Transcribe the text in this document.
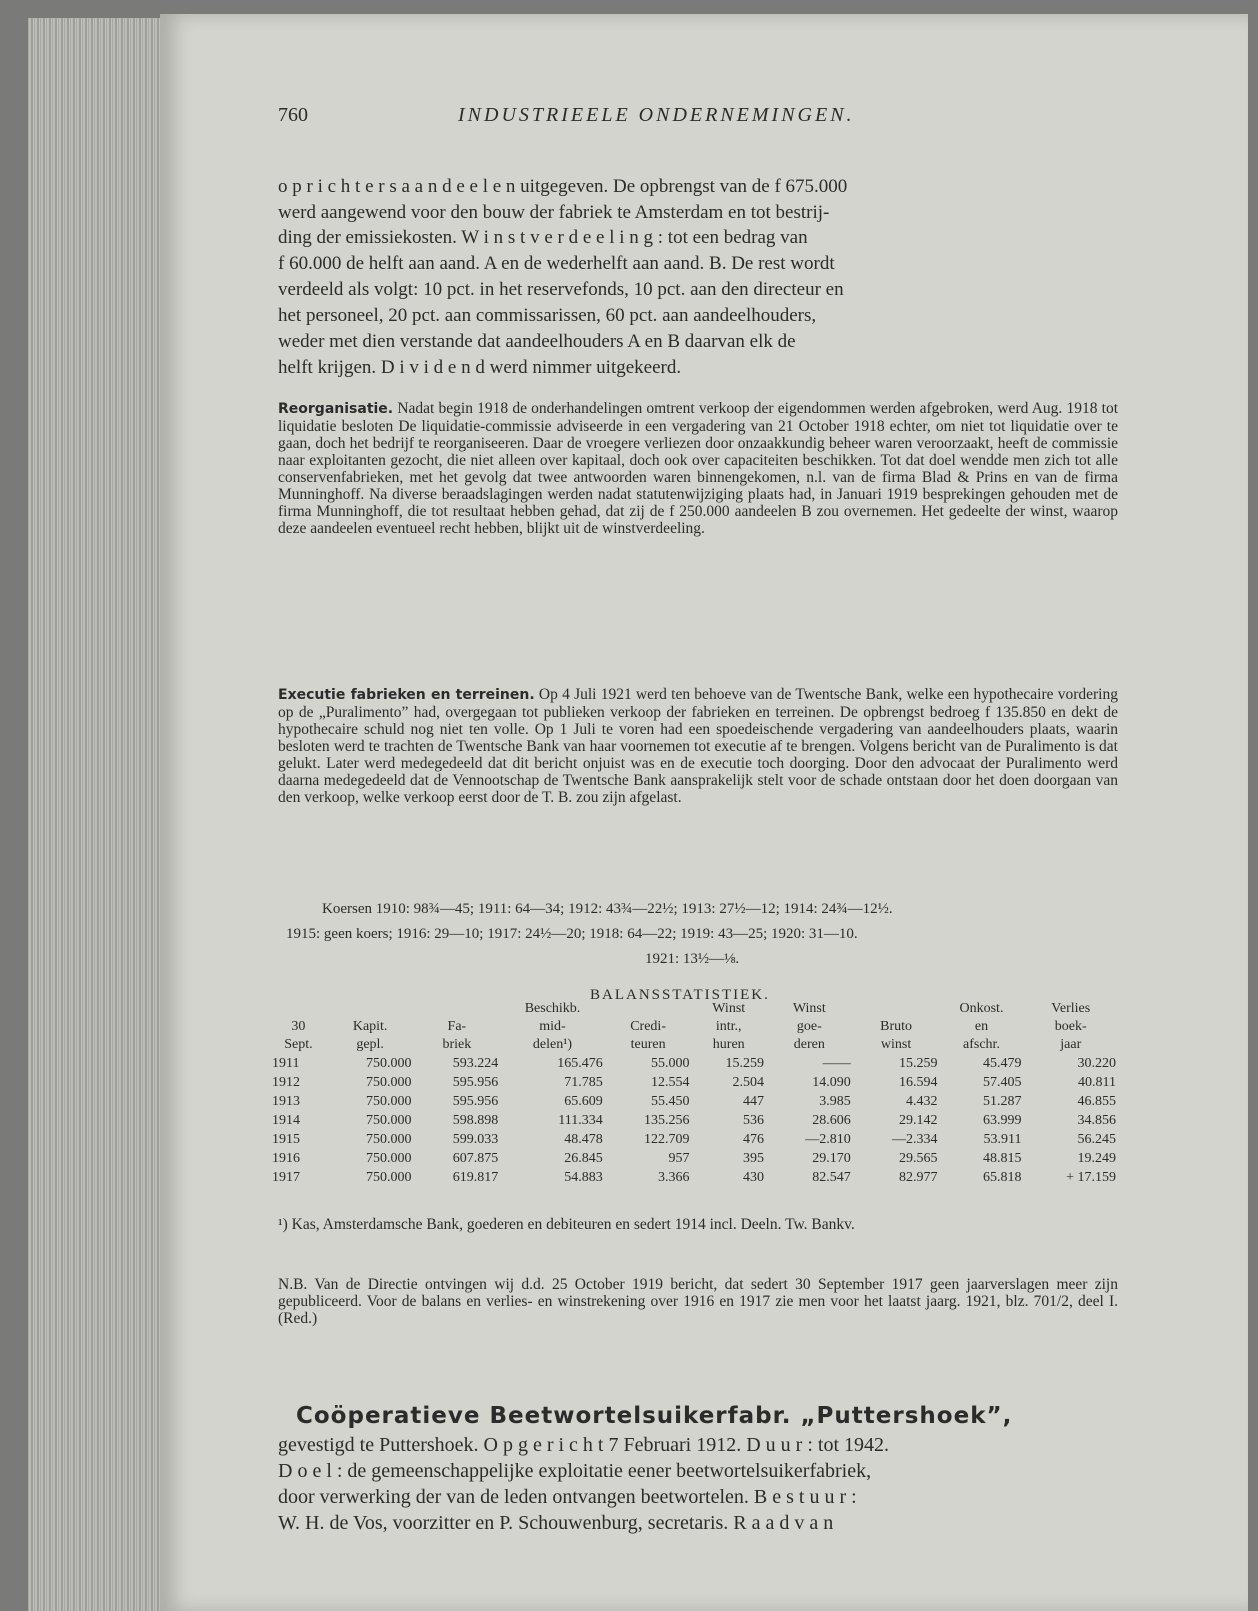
760	INDUSTRIEELE ONDERNEMINGEN.

o p r i c h t e r s a a n d e e l e n uitgegeven. De opbrengst van de f 675.000

werd aangewend voor den bouw der fabriek te Amsterdam en tot bestrij-

ding der emissiekosten. W i n s t v e r d e e l i n g : tot een bedrag van

f 60.000 de helft aan aand. A en de wederhelft aan aand. B. De rest wordt

verdeeld als volgt: 10 pct. in het reservefonds, 10 pct. aan den directeur en

het personeel, 20 pct. aan commissarissen, 60 pct. aan aandeelhouders,

weder met dien verstande dat aandeelhouders A en B daarvan elk de

helft krijgen. D i v i d e n d werd nimmer uitgekeerd.

Reorganisatie. Nadat begin 1918 de onderhandelingen omtrent verkoop der eigendommen werden afgebroken, werd Aug. 1918 tot liquidatie besloten De liquidatie-commissie adviseerde in een vergadering van 21 October 1918 echter, om niet tot liquidatie over te gaan, doch het bedrijf te reorganiseeren. Daar de vroegere verliezen door onzaakkundig beheer waren veroorzaakt, heeft de commissie naar exploitanten gezocht, die niet alleen over kapitaal, doch ook over capaciteiten beschikken. Tot dat doel wendde men zich tot alle conservenfabrieken, met het gevolg dat twee antwoorden waren binnengekomen, n.l. van de firma Blad & Prins en van de firma Munninghoff. Na diverse beraadslagingen werden nadat statutenwijziging plaats had, in Januari 1919 besprekingen gehouden met de firma Munninghoff, die tot resultaat hebben gehad, dat zij de f 250.000 aandeelen B zou overnemen. Het gedeelte der winst, waarop deze aandeelen eventueel recht hebben, blijkt uit de winstverdeeling.

Executie fabrieken en terreinen. Op 4 Juli 1921 werd ten behoeve van de Twentsche Bank, welke een hypothecaire vordering op de „Puralimento” had, overgegaan tot publieken verkoop der fabrieken en terreinen. De opbrengst bedroeg f 135.850 en dekt de hypothecaire schuld nog niet ten volle. Op 1 Juli te voren had een spoedeischende vergadering van aandeelhouders plaats, waarin besloten werd te trachten de Twentsche Bank van haar voornemen tot executie af te brengen. Volgens bericht van de Puralimento is dat gelukt. Later werd medegedeeld dat dit bericht onjuist was en de executie toch doorging. Door den advocaat der Puralimento werd daarna medegedeeld dat de Vennootschap de Twentsche Bank aansprakelijk stelt voor de schade ontstaan door het doen doorgaan van den verkoop, welke verkoop eerst door de T. B. zou zijn afgelast.

Koersen 1910: 98¾—45; 1911: 64—34; 1912: 43¾—22½; 1913: 27½—12; 1914: 24¾—12½.

1915: geen koers; 1916: 29—10; 1917: 24½—20; 1918: 64—22; 1919: 43—25; 1920: 31—10.

1921: 13½—⅛.

BALANSSTATISTIEK.

			Beschikb.		Winst	Winst		Onkost.	Verlies
30	Kapit.	Fa-	mid-	Credi-	intr.,	goe-	Bruto	en	boek-
Sept.	gepl.	briek	delen¹)	teuren	huren	deren	winst	afschr.	jaar
1911	750.000	593.224	165.476	55.000	15.259	——	15.259	45.479	30.220
1912	750.000	595.956	71.785	12.554	2.504	14.090	16.594	57.405	40.811
1913	750.000	595.956	65.609	55.450	447	3.985	4.432	51.287	46.855
1914	750.000	598.898	111.334	135.256	536	28.606	29.142	63.999	34.856
1915	750.000	599.033	48.478	122.709	476	—2.810	—2.334	53.911	56.245
1916	750.000	607.875	26.845	957	395	29.170	29.565	48.815	19.249
1917	750.000	619.817	54.883	3.366	430	82.547	82.977	65.818	+ 17.159

¹) Kas, Amsterdamsche Bank, goederen en debiteuren en sedert 1914 incl. Deeln. Tw. Bankv.

N.B. Van de Directie ontvingen wij d.d. 25 October 1919 bericht, dat sedert 30 September 1917 geen jaarverslagen meer zijn gepubliceerd. Voor de balans en verlies- en winstrekening over 1916 en 1917 zie men voor het laatst jaarg. 1921, blz. 701/2, deel I. (Red.)

Coöperatieve Beetwortelsuikerfabr. „Puttershoek”,

gevestigd te Puttershoek. O p g e r i c h t 7 Februari 1912. D u u r : tot 1942.

D o e l : de gemeenschappelijke exploitatie eener beetwortelsuikerfabriek,

door verwerking der van de leden ontvangen beetwortelen. B e s t u u r :

W. H. de Vos, voorzitter en P. Schouwenburg, secretaris. R a a d v a n
